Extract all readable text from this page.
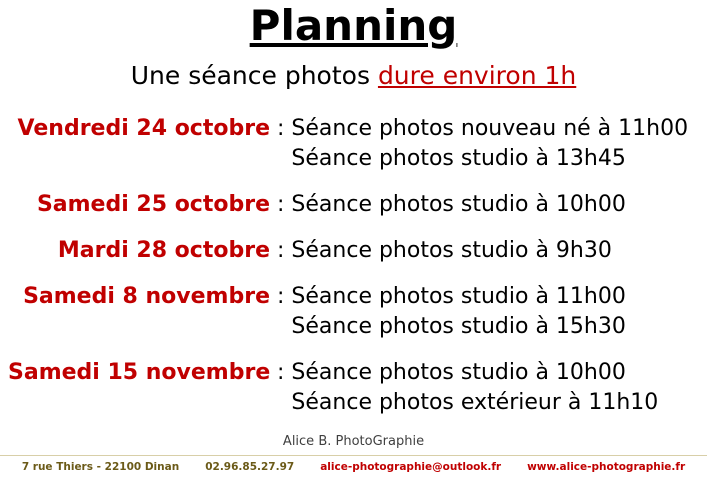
Planning
Une séance photos dure environ 1h
Vendredi 24 octobre : Séance photos nouveau né à 11h00
Séance photos studio à 13h45
Samedi 25 octobre : Séance photos studio à 10h00
Mardi 28 octobre : Séance photos studio à 9h30
Samedi 8 novembre : Séance photos studio à 11h00
Séance photos studio à 15h30
Samedi 15 novembre : Séance photos studio à 10h00
Séance photos extérieur à 11h10
Alice B. PhotoGraphie
7 rue Thiers - 22100 Dinan 02.96.85.27.97 alice-photographie@outlook.fr www.alice-photographie.fr
